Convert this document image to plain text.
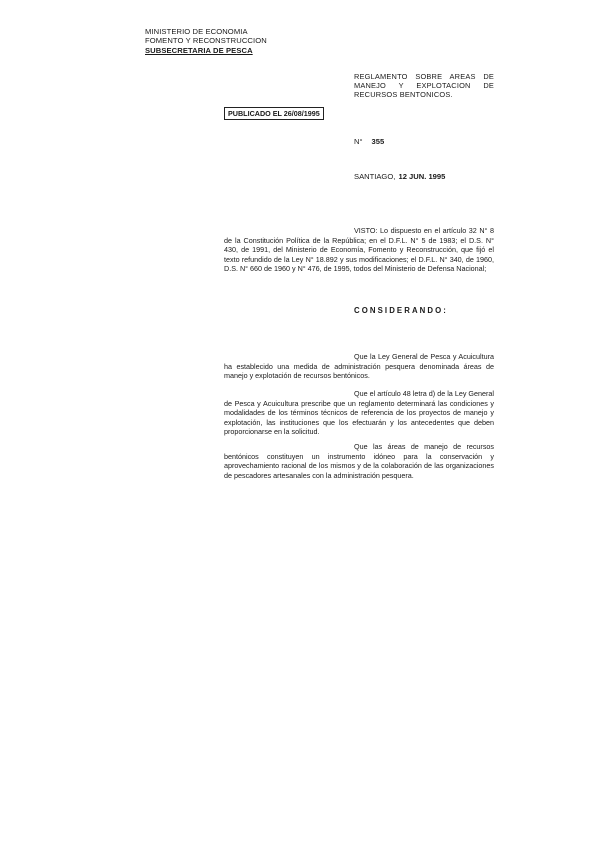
MINISTERIO DE ECONOMIA
FOMENTO Y RECONSTRUCCION
SUBSECRETARIA DE PESCA
REGLAMENTO SOBRE AREAS DE MANEJO Y EXPLOTACION DE RECURSOS BENTONICOS.
PUBLICADO EL 26/08/1995
N° 355
SANTIAGO, 12 JUN. 1995

VISTO: Lo dispuesto en el artículo 32 N° 8 de la Constitución Política de la República; en el D.F.L. N° 5 de 1983; el D.S. N° 430, de 1991, del Ministerio de Economía, Fomento y Reconstrucción, que fijó el texto refundido de la Ley N° 18.892 y sus modificaciones; el D.F.L. N° 340, de 1960, D.S. N° 660 de 1960 y N° 476, de 1995, todos del Ministerio de Defensa Nacional;

CONSIDERANDO:

Que la Ley General de Pesca y Acuicultura ha establecido una medida de administración pesquera denominada áreas de manejo y explotación de recursos bentónicos.

Que el artículo 48 letra d) de la Ley General de Pesca y Acuicultura prescribe que un reglamento determinará las condiciones y modalidades de los términos técnicos de referencia de los proyectos de manejo y explotación, las instituciones que los efectuarán y los antecedentes que deben proporcionarse en la solicitud.

Que las áreas de manejo de recursos bentónicos constituyen un instrumento idóneo para la conservación y aprovechamiento racional de los mismos y de la colaboración de las organizaciones de pescadores artesanales con la administración pesquera.
